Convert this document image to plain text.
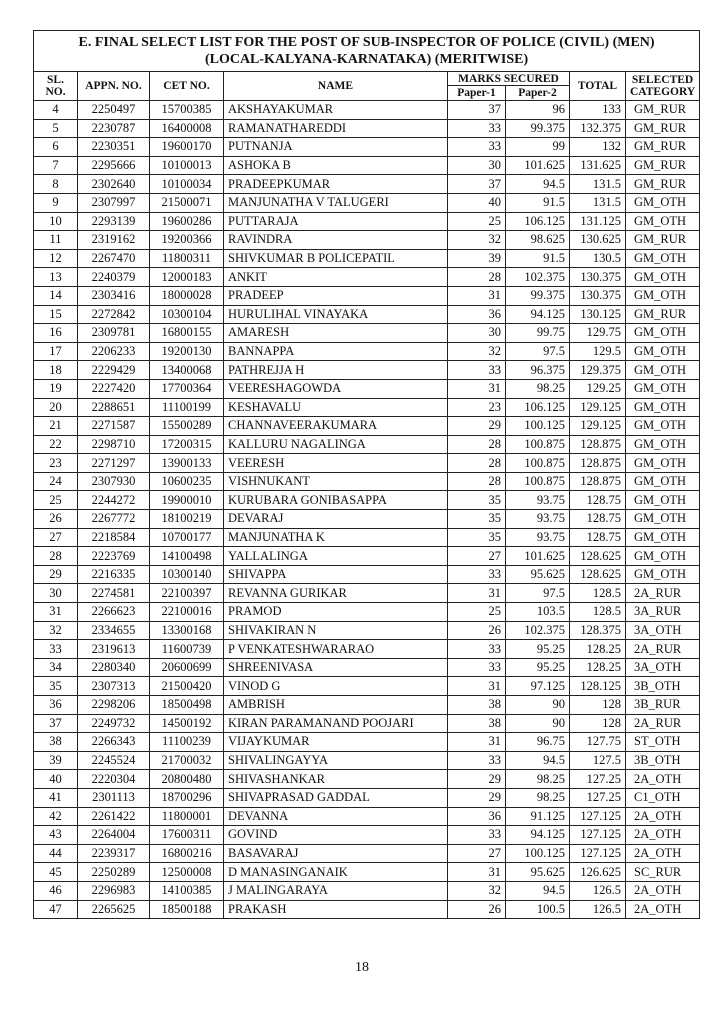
E. FINAL SELECT LIST FOR THE POST OF SUB-INSPECTOR OF POLICE (CIVIL) (MEN)
(LOCAL-KALYANA-KARNATAKA) (MERITWISE)							
SL. NO.	APPN. NO.	CET NO.	NAME	MARKS SECURED		TOTAL	SELECTED CATEGORY
				Paper-1	Paper-2		
4	2250497	15700385	AKSHAYAKUMAR	37	96	133	GM_RUR
5	2230787	16400008	RAMANATHAREDDI	33	99.375	132.375	GM_RUR
6	2230351	19600170	PUTNANJA	33	99	132	GM_RUR
7	2295666	10100013	ASHOKA B	30	101.625	131.625	GM_RUR
8	2302640	10100034	PRADEEPKUMAR	37	94.5	131.5	GM_RUR
9	2307997	21500071	MANJUNATHA V TALUGERI	40	91.5	131.5	GM_OTH
10	2293139	19600286	PUTTARAJA	25	106.125	131.125	GM_OTH
11	2319162	19200366	RAVINDRA	32	98.625	130.625	GM_RUR
12	2267470	11800311	SHIVKUMAR B POLICEPATIL	39	91.5	130.5	GM_OTH
13	2240379	12000183	ANKIT	28	102.375	130.375	GM_OTH
14	2303416	18000028	PRADEEP	31	99.375	130.375	GM_OTH
15	2272842	10300104	HURULIHAL VINAYAKA	36	94.125	130.125	GM_RUR
16	2309781	16800155	AMARESH	30	99.75	129.75	GM_OTH
17	2206233	19200130	BANNAPPA	32	97.5	129.5	GM_OTH
18	2229429	13400068	PATHREJJA H	33	96.375	129.375	GM_OTH
19	2227420	17700364	VEERESHAGOWDA	31	98.25	129.25	GM_OTH
20	2288651	11100199	KESHAVALU	23	106.125	129.125	GM_OTH
21	2271587	15500289	CHANNAVEERAKUMARA	29	100.125	129.125	GM_OTH
22	2298710	17200315	KALLURU NAGALINGA	28	100.875	128.875	GM_OTH
23	2271297	13900133	VEERESH	28	100.875	128.875	GM_OTH
24	2307930	10600235	VISHNUKANT	28	100.875	128.875	GM_OTH
25	2244272	19900010	KURUBARA GONIBASAPPA	35	93.75	128.75	GM_OTH
26	2267772	18100219	DEVARAJ	35	93.75	128.75	GM_OTH
27	2218584	10700177	MANJUNATHA K	35	93.75	128.75	GM_OTH
28	2223769	14100498	YALLALINGA	27	101.625	128.625	GM_OTH
29	2216335	10300140	SHIVAPPA	33	95.625	128.625	GM_OTH
30	2274581	22100397	REVANNA GURIKAR	31	97.5	128.5	2A_RUR
31	2266623	22100016	PRAMOD	25	103.5	128.5	3A_RUR
32	2334655	13300168	SHIVAKIRAN N	26	102.375	128.375	3A_OTH
33	2319613	11600739	P VENKATESHWARARAO	33	95.25	128.25	2A_RUR
34	2280340	20600699	SHREENIVASA	33	95.25	128.25	3A_OTH
35	2307313	21500420	VINOD G	31	97.125	128.125	3B_OTH
36	2298206	18500498	AMBRISH	38	90	128	3B_RUR
37	2249732	14500192	KIRAN PARAMANAND POOJARI	38	90	128	2A_RUR
38	2266343	11100239	VIJAYKUMAR	31	96.75	127.75	ST_OTH
39	2245524	21700032	SHIVALINGAYYA	33	94.5	127.5	3B_OTH
40	2220304	20800480	SHIVASHANKAR	29	98.25	127.25	2A_OTH
41	2301113	18700296	SHIVAPRASAD GADDAL	29	98.25	127.25	C1_OTH
42	2261422	11800001	DEVANNA	36	91.125	127.125	2A_OTH
43	2264004	17600311	GOVIND	33	94.125	127.125	2A_OTH
44	2239317	16800216	BASAVARAJ	27	100.125	127.125	2A_OTH
45	2250289	12500008	D MANASINGANAIK	31	95.625	126.625	SC_RUR
46	2296983	14100385	J MALINGARAYA	32	94.5	126.5	2A_OTH
47	2265625	18500188	PRAKASH	26	100.5	126.5	2A_OTH
18
